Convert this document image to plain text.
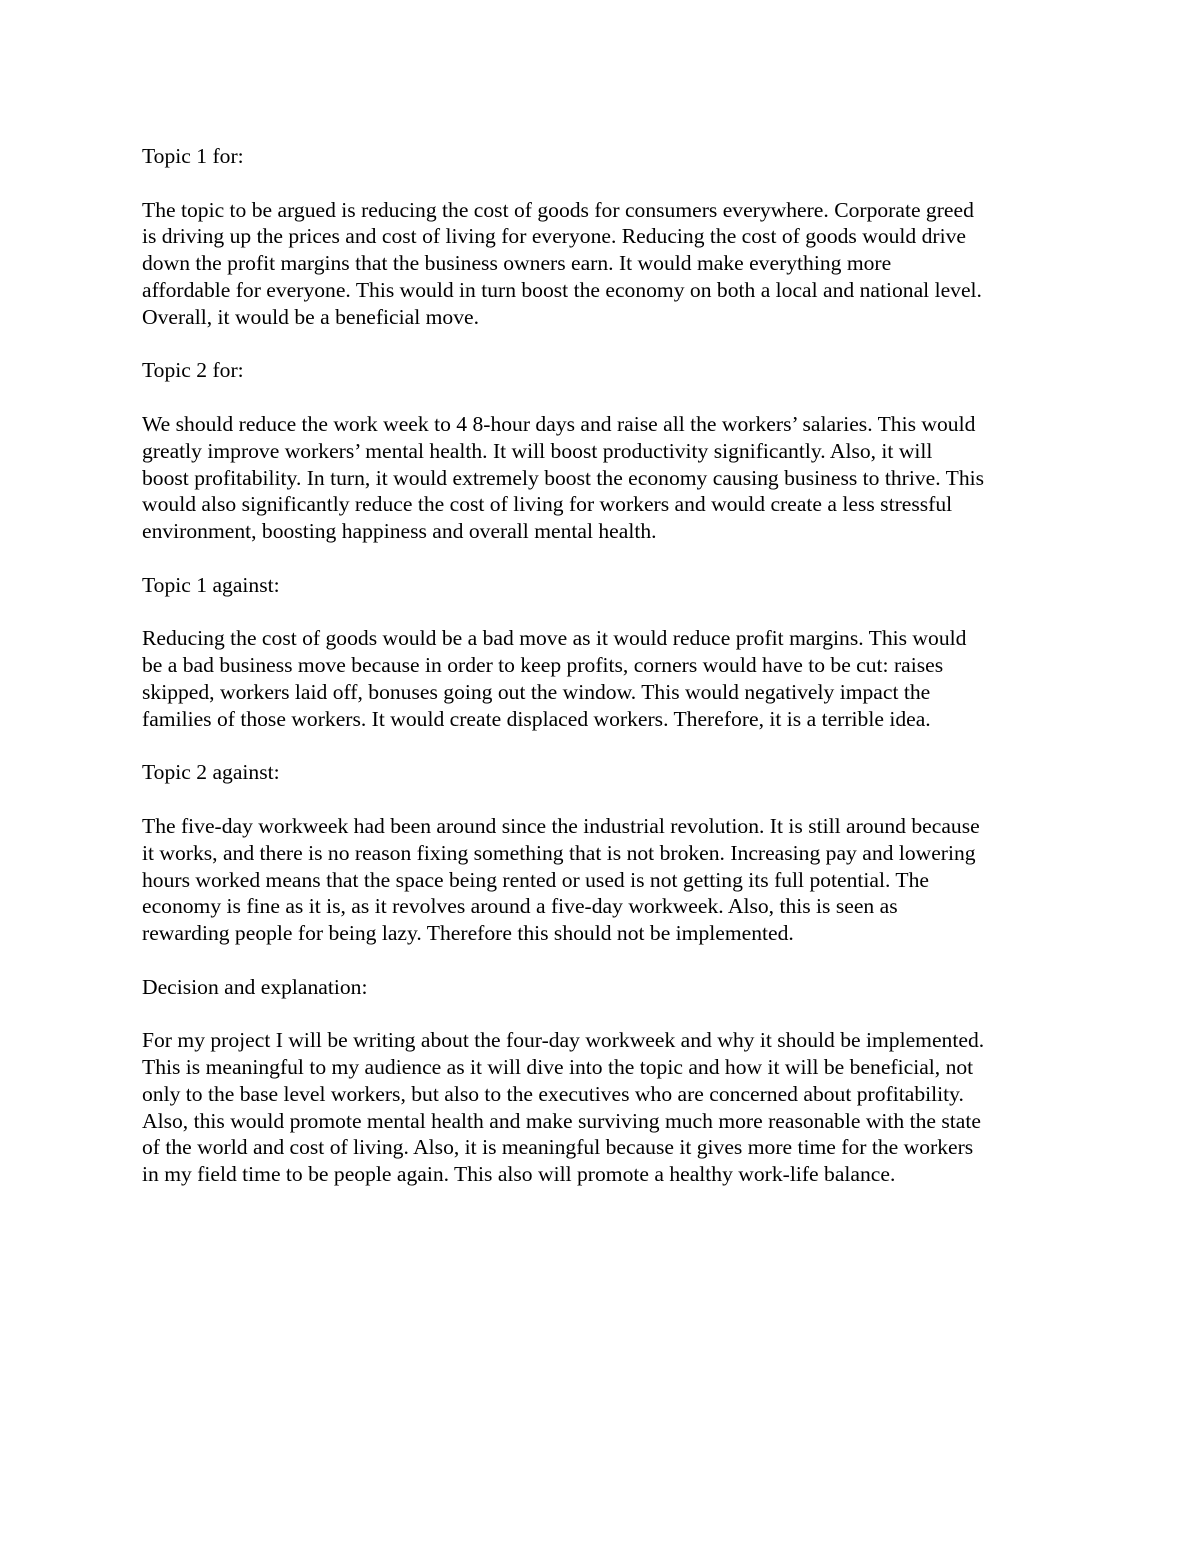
Topic 1 for:

The topic to be argued is reducing the cost of goods for consumers everywhere. Corporate greed
is driving up the prices and cost of living for everyone. Reducing the cost of goods would drive
down the profit margins that the business owners earn. It would make everything more
affordable for everyone. This would in turn boost the economy on both a local and national level.
Overall, it would be a beneficial move.

Topic 2 for:

We should reduce the work week to 4 8-hour days and raise all the workers’ salaries. This would
greatly improve workers’ mental health. It will boost productivity significantly. Also, it will
boost profitability. In turn, it would extremely boost the economy causing business to thrive. This
would also significantly reduce the cost of living for workers and would create a less stressful
environment, boosting happiness and overall mental health.

Topic 1 against:

Reducing the cost of goods would be a bad move as it would reduce profit margins. This would
be a bad business move because in order to keep profits, corners would have to be cut: raises
skipped, workers laid off, bonuses going out the window. This would negatively impact the
families of those workers. It would create displaced workers. Therefore, it is a terrible idea.

Topic 2 against:

The five-day workweek had been around since the industrial revolution. It is still around because
it works, and there is no reason fixing something that is not broken. Increasing pay and lowering
hours worked means that the space being rented or used is not getting its full potential. The
economy is fine as it is, as it revolves around a five-day workweek. Also, this is seen as
rewarding people for being lazy. Therefore this should not be implemented.

Decision and explanation:

For my project I will be writing about the four-day workweek and why it should be implemented.
This is meaningful to my audience as it will dive into the topic and how it will be beneficial, not
only to the base level workers, but also to the executives who are concerned about profitability.
Also, this would promote mental health and make surviving much more reasonable with the state
of the world and cost of living. Also, it is meaningful because it gives more time for the workers
in my field time to be people again. This also will promote a healthy work-life balance.
